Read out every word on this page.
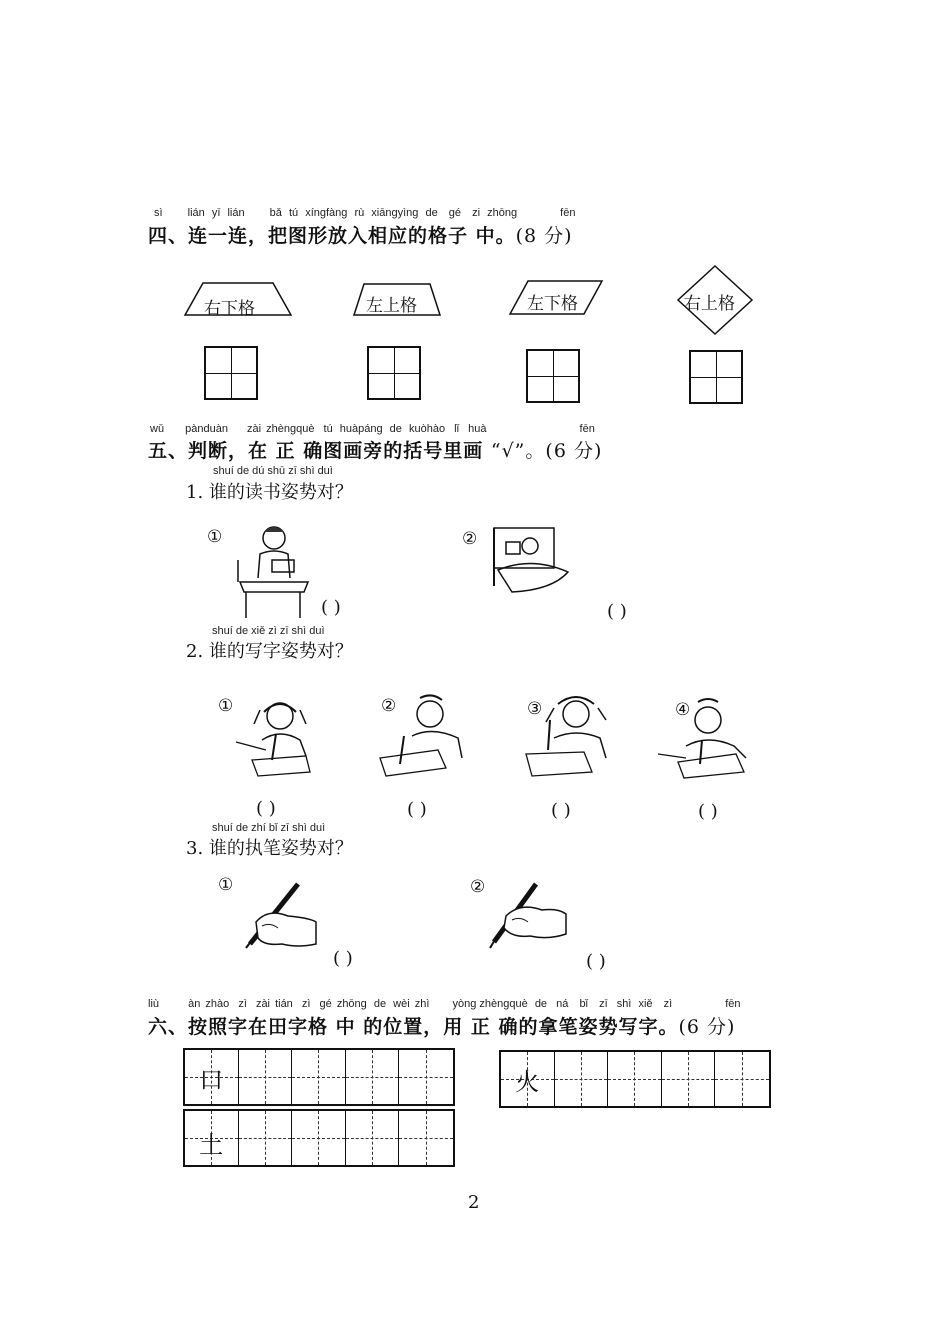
sì lián yī lián bǎ tú xíngfàng rù xiāngyìng de gé zi zhōng	fēn
四、连一连，把图形放入相应的格子 中。(8 分)
右下格	左上格	左下格	右上格
wǔ pànduàn zài zhèngquè tú huàpáng de kuòhào lǐ huà	fēn
五、判断，在 正 确图画旁的括号里画 “√”。(6 分)
shuí de dú shū zī shì duì
1. 谁的读书姿势对？
①
( )
②
( )
shuí de xiě zì zī shì duì
2. 谁的写字姿势对？
①	②	③	④
( )	( )	( )	( )
shuí de zhí bǐ zī shì duì
3. 谁的执笔姿势对？
①
( )
②
( )
liù	àn zhào zì zài tián zì gé zhōng de wèi zhì yòng zhèngquè de ná bǐ zī shì xiě zì	fēn
六、按照字在田字格 中 的位置，用 正 确的拿笔姿势写字。(6 分)
口	火
土
2
